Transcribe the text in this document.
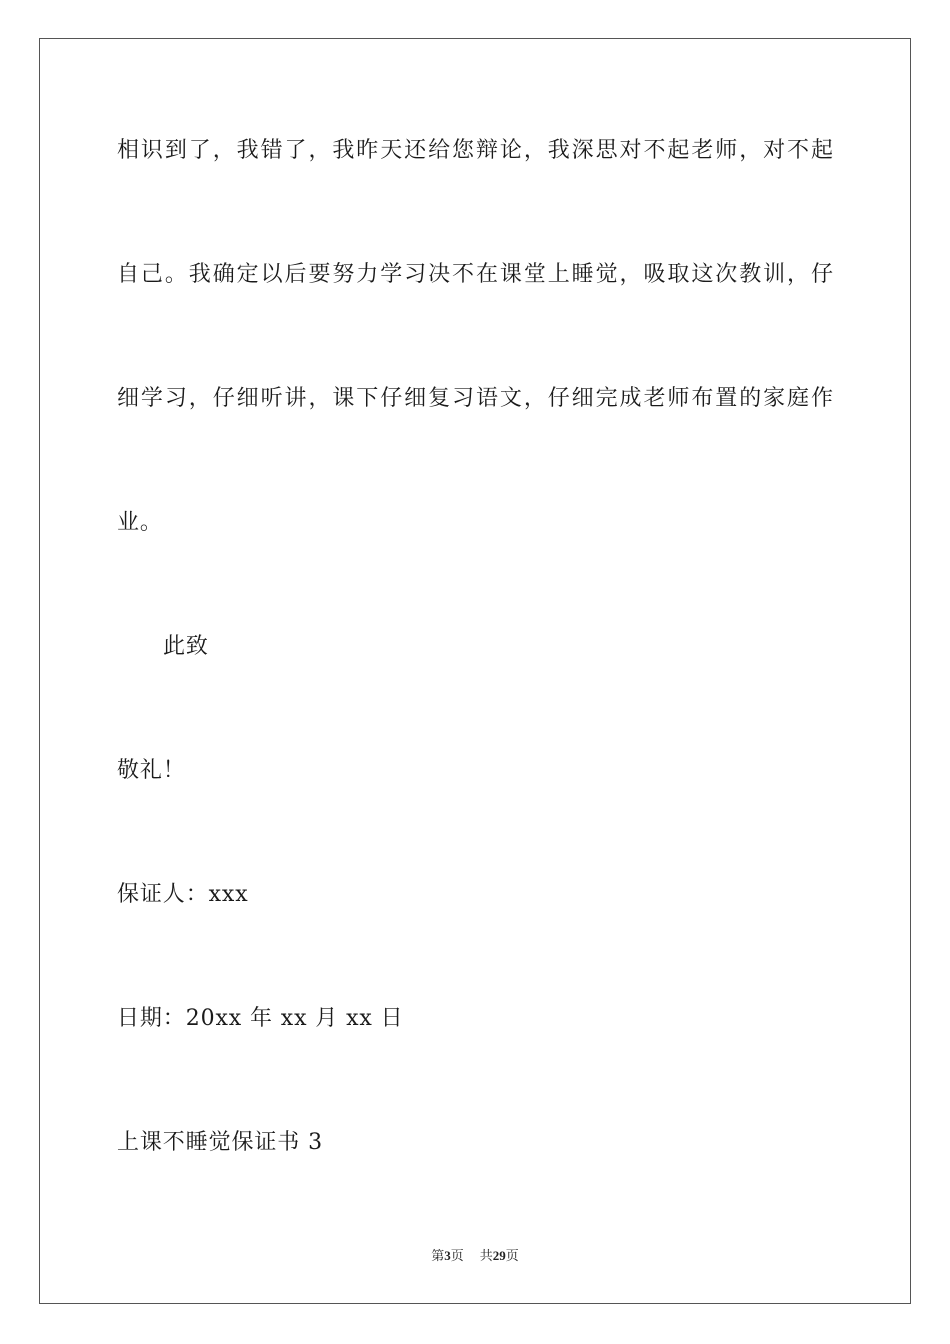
相识到了，我错了，我昨天还给您辩论，我深思对不起老师，对不起
自己。我确定以后要努力学习决不在课堂上睡觉，吸取这次教训，仔
细学习，仔细听讲，课下仔细复习语文，仔细完成老师布置的家庭作
业。
此致
敬礼！
保证人：xxx
日期：20xx 年 xx 月 xx 日
上课不睡觉保证书 3
第3页 共29页
